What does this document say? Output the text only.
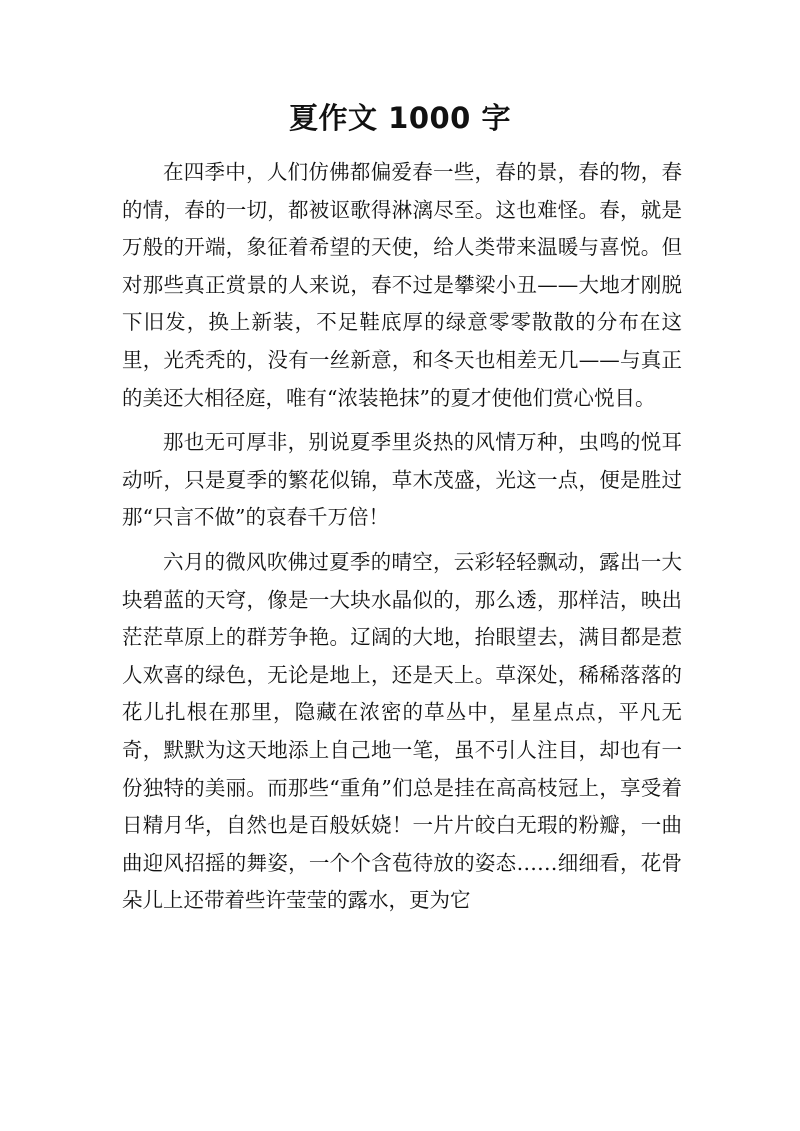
夏作文 1000 字

在四季中，人们仿佛都偏爱春一些，春的景，春的物，春的情，春的一切，都被讴歌得淋漓尽至。这也难怪。春，就是万般的开端，象征着希望的天使，给人类带来温暖与喜悦。但对那些真正赏景的人来说，春不过是攀梁小丑——大地才刚脱下旧发，换上新装，不足鞋底厚的绿意零零散散的分布在这里，光秃秃的，没有一丝新意，和冬天也相差无几——与真正的美还大相径庭，唯有“浓装艳抹”的夏才使他们赏心悦目。

那也无可厚非，别说夏季里炎热的风情万种，虫鸣的悦耳动听，只是夏季的繁花似锦，草木茂盛，光这一点，便是胜过那“只言不做”的哀春千万倍！

六月的微风吹佛过夏季的晴空，云彩轻轻飘动，露出一大块碧蓝的天穹，像是一大块水晶似的，那么透，那样洁，映出茫茫草原上的群芳争艳。辽阔的大地，抬眼望去，满目都是惹人欢喜的绿色，无论是地上，还是天上。草深处，稀稀落落的花儿扎根在那里，隐藏在浓密的草丛中，星星点点，平凡无奇，默默为这天地添上自己地一笔，虽不引人注目，却也有一份独特的美丽。而那些“重角”们总是挂在高高枝冠上，享受着日精月华，自然也是百般妖娆！一片片皎白无瑕的粉瓣，一曲曲迎风招摇的舞姿，一个个含苞待放的姿态……细细看，花骨朵儿上还带着些许莹莹的露水，更为它
